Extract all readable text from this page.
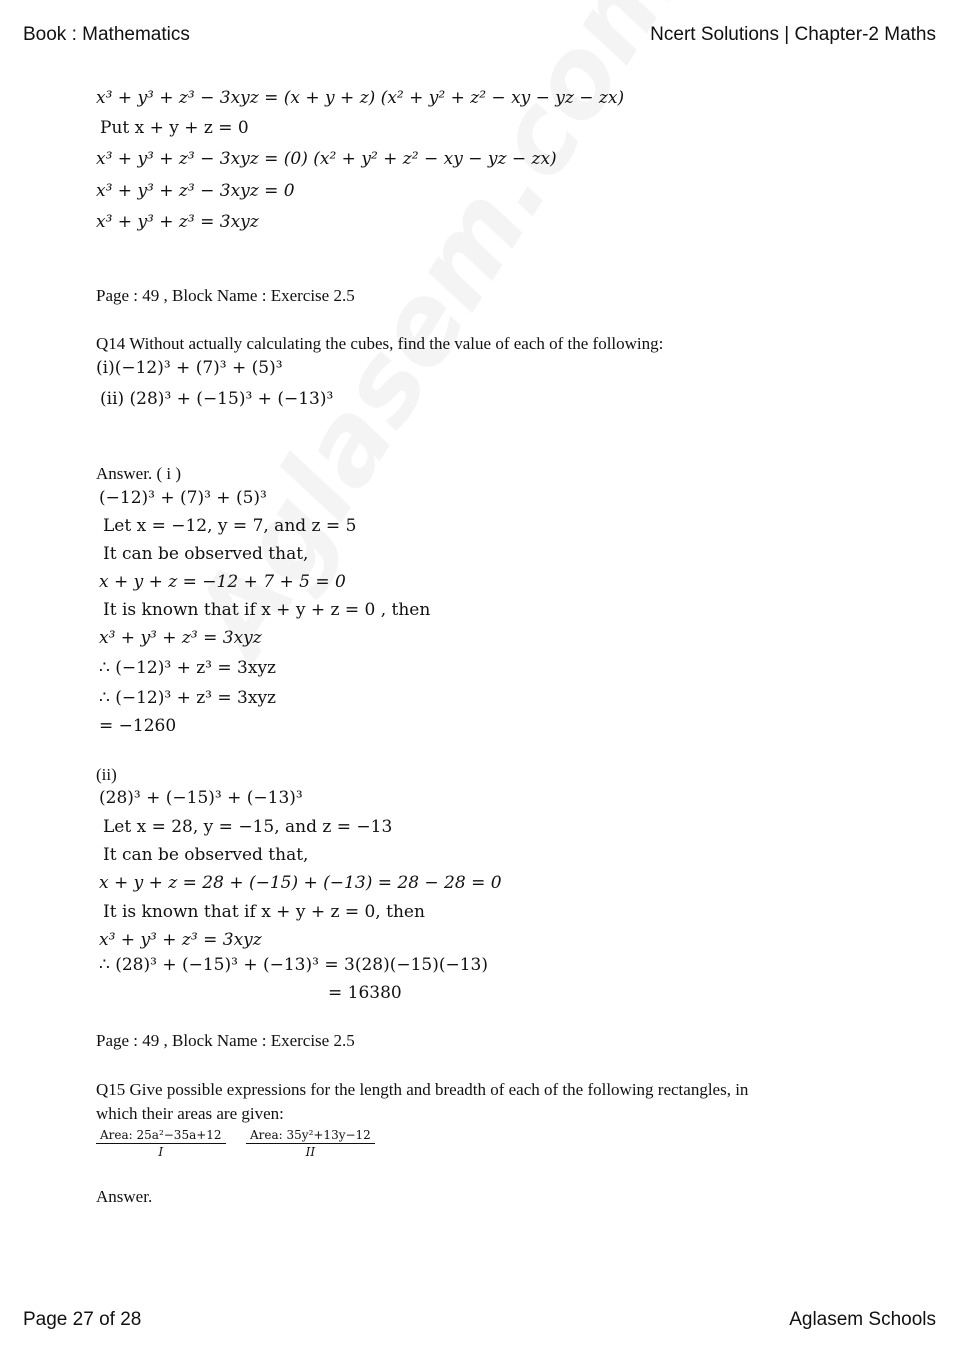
Book : Mathematics	Ncert Solutions | Chapter-2 Maths
x³ + y³ + z³ − 3xyz = (x + y + z) (x² + y² + z² − xy − yz − zx)
Put x + y + z = 0
x³ + y³ + z³ − 3xyz = (0) (x² + y² + z² − xy − yz − zx)
x³ + y³ + z³ − 3xyz = 0
x³ + y³ + z³ = 3xyz
Page : 49 , Block Name : Exercise 2.5
Q14 Without actually calculating the cubes, find the value of each of the following:
(i)(−12)³ + (7)³ + (5)³
(ii) (28)³ + (−15)³ + (−13)³
Answer. ( i )
(−12)³ + (7)³ + (5)³
Let x = −12, y = 7, and z = 5
It can be observed that,
x + y + z = −12 + 7 + 5 = 0
It is known that if x + y + z = 0 , then
x³ + y³ + z³ = 3xyz
∴ (−12)³ + z³ = 3xyz
∴ (−12)³ + z³ = 3xyz
= −1260
(ii)
(28)³ + (−15)³ + (−13)³
Let x = 28, y = −15, and z = −13
It can be observed that,
x + y + z = 28 + (−15) + (−13) = 28 − 28 = 0
It is known that if x + y + z = 0, then
x³ + y³ + z³ = 3xyz
∴ (28)³ + (−15)³ + (−13)³ = 3(28)(−15)(−13)
= 16380
Page : 49 , Block Name : Exercise 2.5
Q15 Give possible expressions for the length and breadth of each of the following rectangles, in
which their areas are given:
Area: 25a²−35a+12
I
Area: 35y²+13y−12
II
Answer.
Page 27 of 28	Aglasem Schools
